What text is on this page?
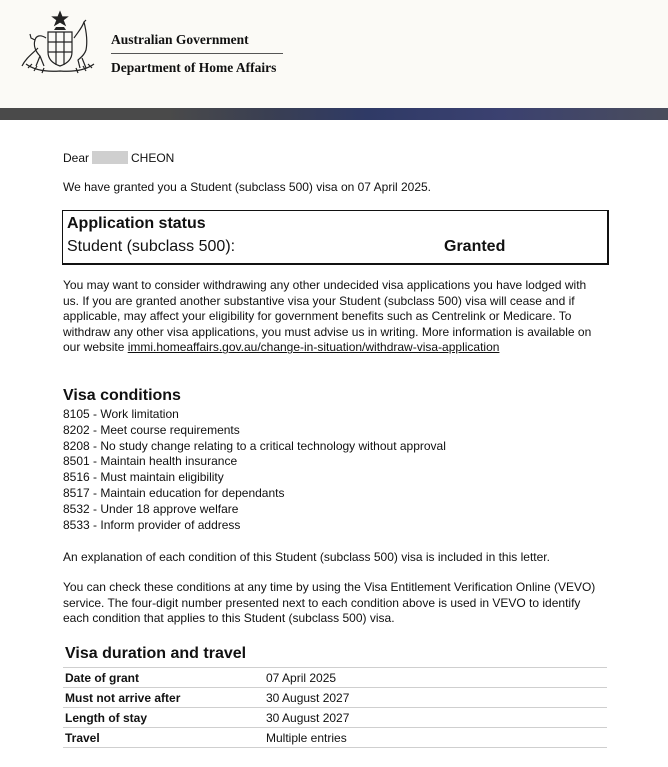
Australian Government
Department of Home Affairs
Dear	CHEON
We have granted you a Student (subclass 500) visa on 07 April 2025.
Application status
Student (subclass 500):	Granted
You may want to consider withdrawing any other undecided visa applications you have lodged with us. If you are granted another substantive visa your Student (subclass 500) visa will cease and if applicable, may affect your eligibility for government benefits such as Centrelink or Medicare. To withdraw any other visa applications, you must advise us in writing. More information is available on our website immi.homeaffairs.gov.au/change-in-situation/withdraw-visa-application
Visa conditions
8105 - Work limitation
8202 - Meet course requirements
8208 - No study change relating to a critical technology without approval
8501 - Maintain health insurance
8516 - Must maintain eligibility
8517 - Maintain education for dependants
8532 - Under 18 approve welfare
8533 - Inform provider of address
An explanation of each condition of this Student (subclass 500) visa is included in this letter.
You can check these conditions at any time by using the Visa Entitlement Verification Online (VEVO) service. The four-digit number presented next to each condition above is used in VEVO to identify each condition that applies to this Student (subclass 500) visa.
Visa duration and travel
Date of grant	07 April 2025
Must not arrive after	30 August 2027
Length of stay	30 August 2027
Travel	Multiple entries
